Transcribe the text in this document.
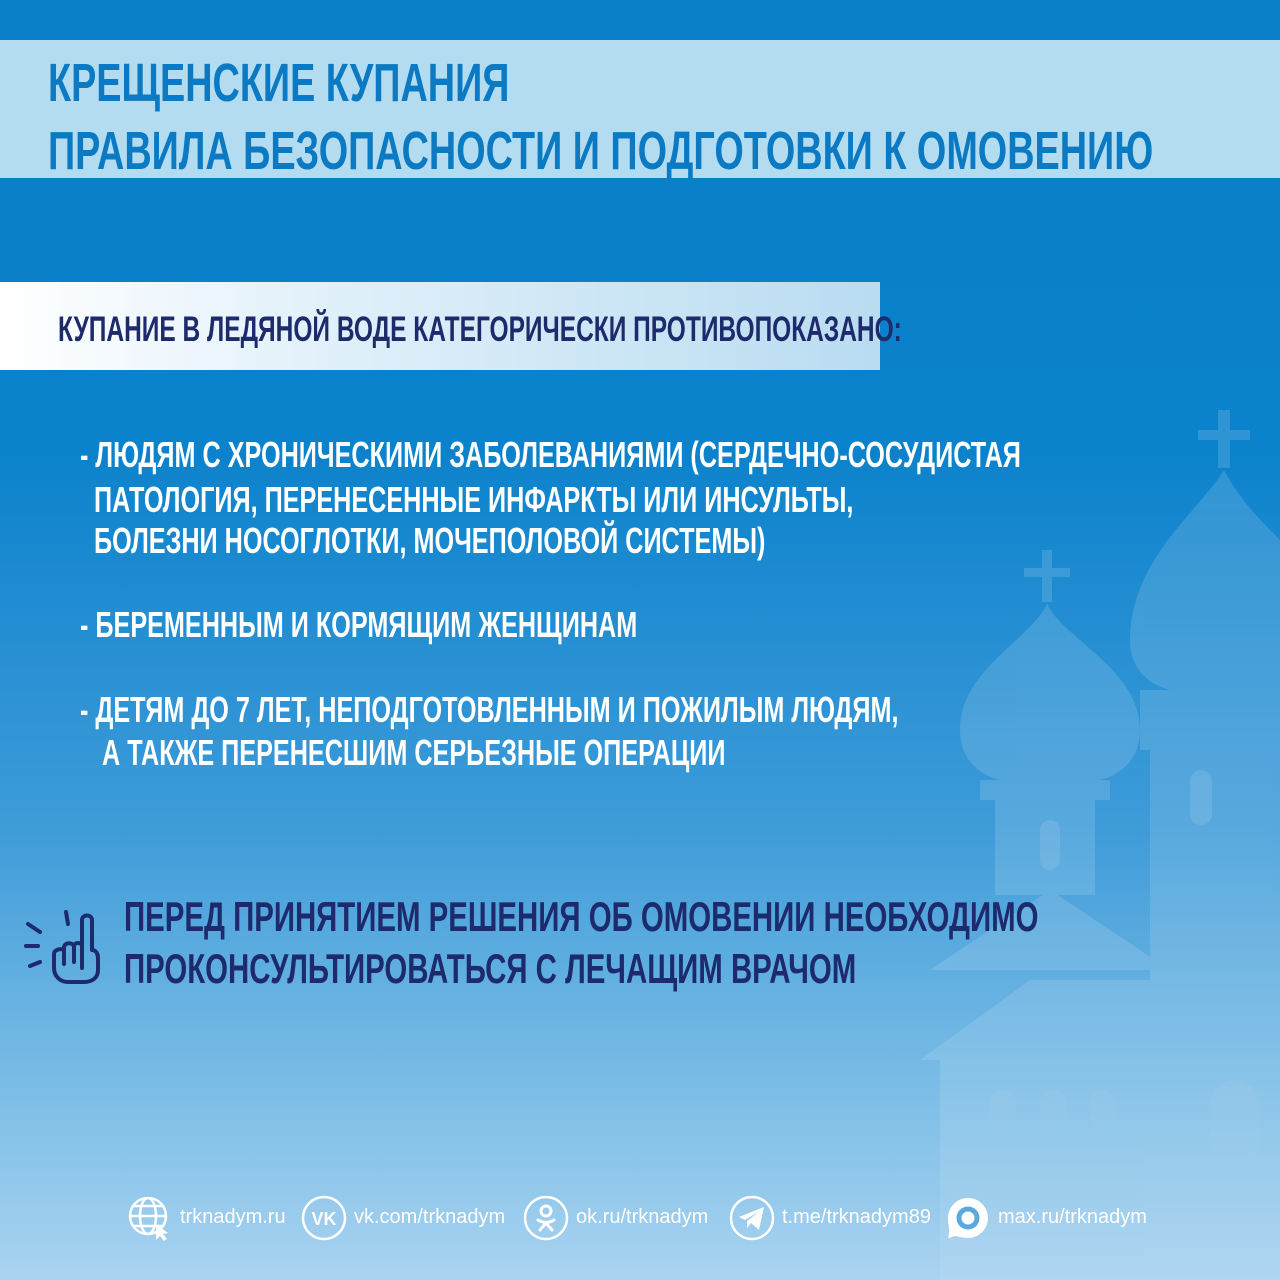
КРЕЩЕНСКИЕ КУПАНИЯ
ПРАВИЛА БЕЗОПАСНОСТИ И ПОДГОТОВКИ К ОМОВЕНИЮ
КУПАНИЕ В ЛЕДЯНОЙ ВОДЕ КАТЕГОРИЧЕСКИ ПРОТИВОПОКАЗАНО:
- ЛЮДЯМ С ХРОНИЧЕСКИМИ ЗАБОЛЕВАНИЯМИ (СЕРДЕЧНО-СОСУДИСТАЯ
ПАТОЛОГИЯ, ПЕРЕНЕСЕННЫЕ ИНФАРКТЫ ИЛИ ИНСУЛЬТЫ,
БОЛЕЗНИ НОСОГЛОТКИ, МОЧЕПОЛОВОЙ СИСТЕМЫ)
- БЕРЕМЕННЫМ И КОРМЯЩИМ ЖЕНЩИНАМ
- ДЕТЯМ ДО 7 ЛЕТ, НЕПОДГОТОВЛЕННЫМ И ПОЖИЛЫМ ЛЮДЯМ,
А ТАКЖЕ ПЕРЕНЕСШИМ СЕРЬЕЗНЫЕ ОПЕРАЦИИ
ПЕРЕД ПРИНЯТИЕМ РЕШЕНИЯ ОБ ОМОВЕНИИ НЕОБХОДИМО
ПРОКОНСУЛЬТИРОВАТЬСЯ С ЛЕЧАЩИМ ВРАЧОМ
trknadym.ru VK vk.com/trknadym	ok.ru/trknadym	t.me/trknadym89	max.ru/trknadym
